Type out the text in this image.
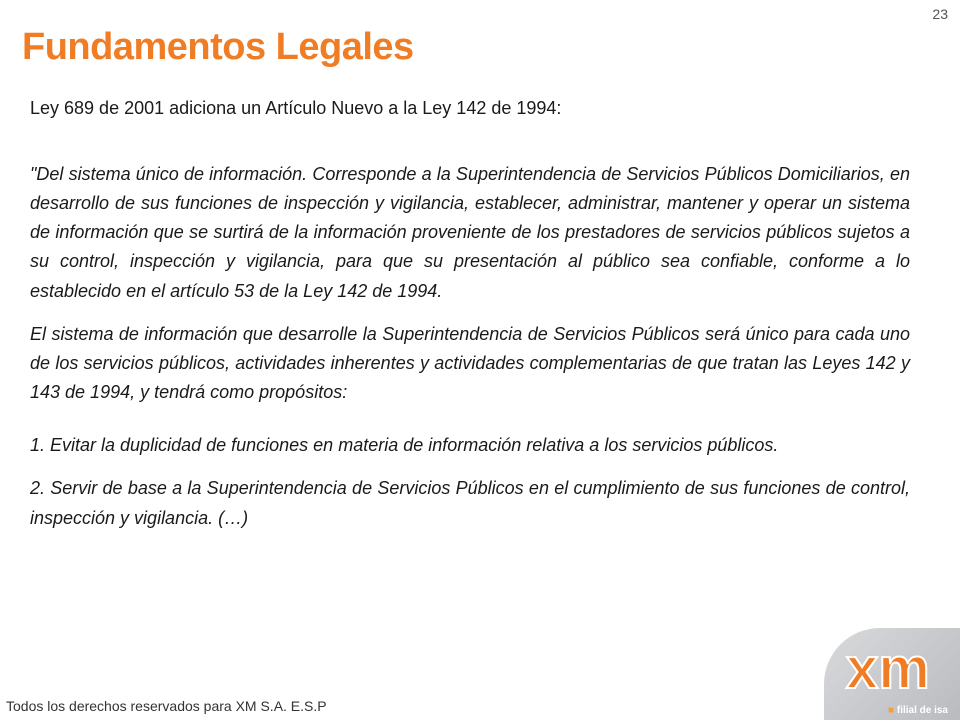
23
Fundamentos Legales

Ley 689 de 2001 adiciona un Artículo Nuevo a la Ley 142 de 1994:

"Del sistema único de información. Corresponde a la Superintendencia de Servicios Públicos Domiciliarios, en desarrollo de sus funciones de inspección y vigilancia, establecer, administrar, mantener y operar un sistema de información que se surtirá de la información proveniente de los prestadores de servicios públicos sujetos a su control, inspección y vigilancia, para que su presentación al público sea confiable, conforme a lo establecido en el artículo 53 de la Ley 142 de 1994.

El sistema de información que desarrolle la Superintendencia de Servicios Públicos será único para cada uno de los servicios públicos, actividades inherentes y actividades complementarias de que tratan las Leyes 142 y 143 de 1994, y tendrá como propósitos:

1. Evitar la duplicidad de funciones en materia de información relativa a los servicios públicos.

2. Servir de base a la Superintendencia de Servicios Públicos en el cumplimiento de sus funciones de control, inspección y vigilancia. (…)

Todos los derechos reservados para XM S.A. E.S.P
xm
■ filial de isa
